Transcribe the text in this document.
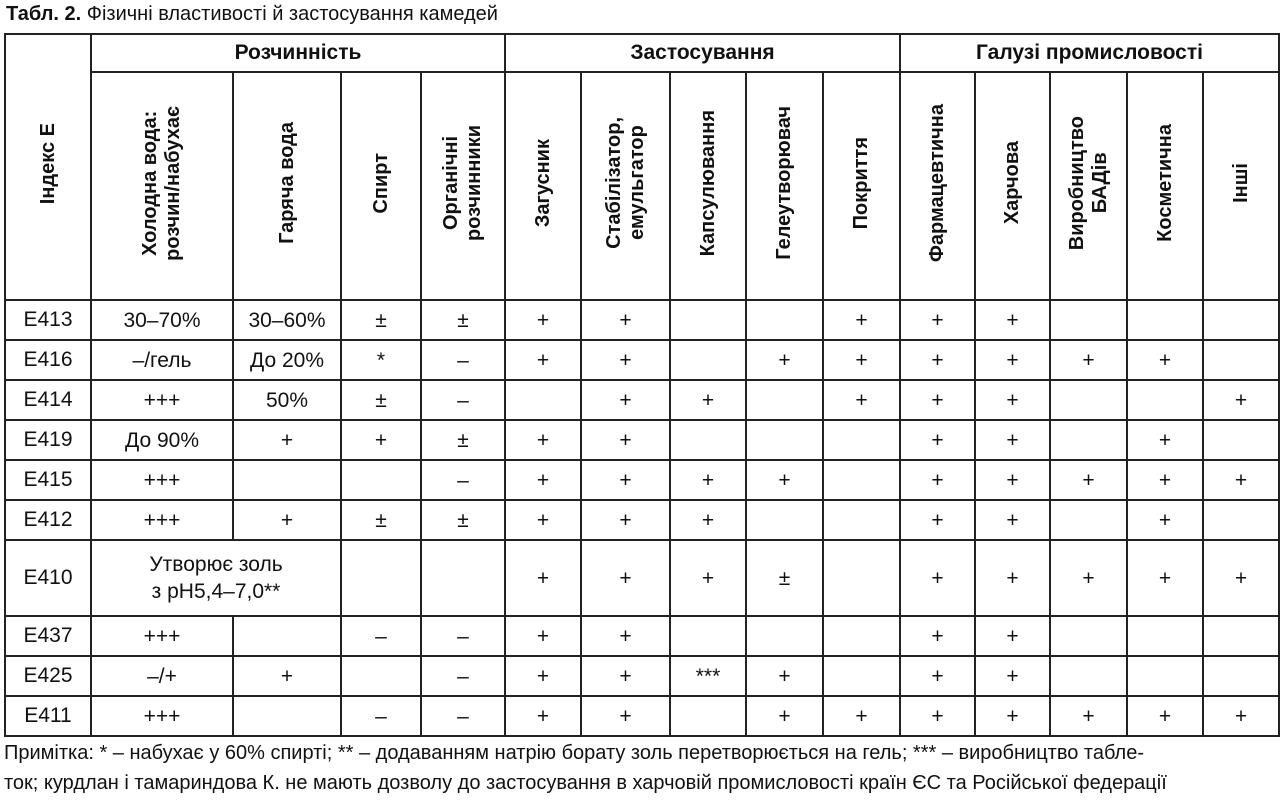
Табл. 2. Фізичні властивості й застосування камедей
Індекс Е	Розчинність				Застосування					Галузі промисловості				
	Холодна вода:
розчин/набухає	Гаряча вода	Спирт	Органічні
розчинники	Загусник	Стабілізатор,
емульгатор	Капсулювання	Гелеутворювач	Покриття	Фармацевтична	Харчова	Виробництво
БАДів	Косметична	Інші
E413	30–70%	30–60%	±	±	+	+			+	+	+			
E416	–/гель	До 20%	*	–	+	+		+	+	+	+	+	+	
E414	+++	50%	±	–		+	+		+	+	+			+
E419	До 90%	+	+	±	+	+				+	+		+	
E415	+++			–	+	+	+	+		+	+	+	+	+
E412	+++	+	±	±	+	+	+			+	+		+	
E410	Утворює золь
з рН5,4–7,0**				+	+	+	±		+	+	+	+	+
E437	+++		–	–	+	+				+	+			
E425	–/+	+		–	+	+	***	+		+	+			
E411	+++		–	–	+	+		+	+	+	+	+	+	+
Примітка: * – набухає у 60% спирті; ** – додаванням натрію борату золь перетворюється на гель; *** – виробництво табле-
ток; курдлан і тамариндова К. не мають дозволу до застосування в харчовій промисловості країн ЄС та Російської федерації
